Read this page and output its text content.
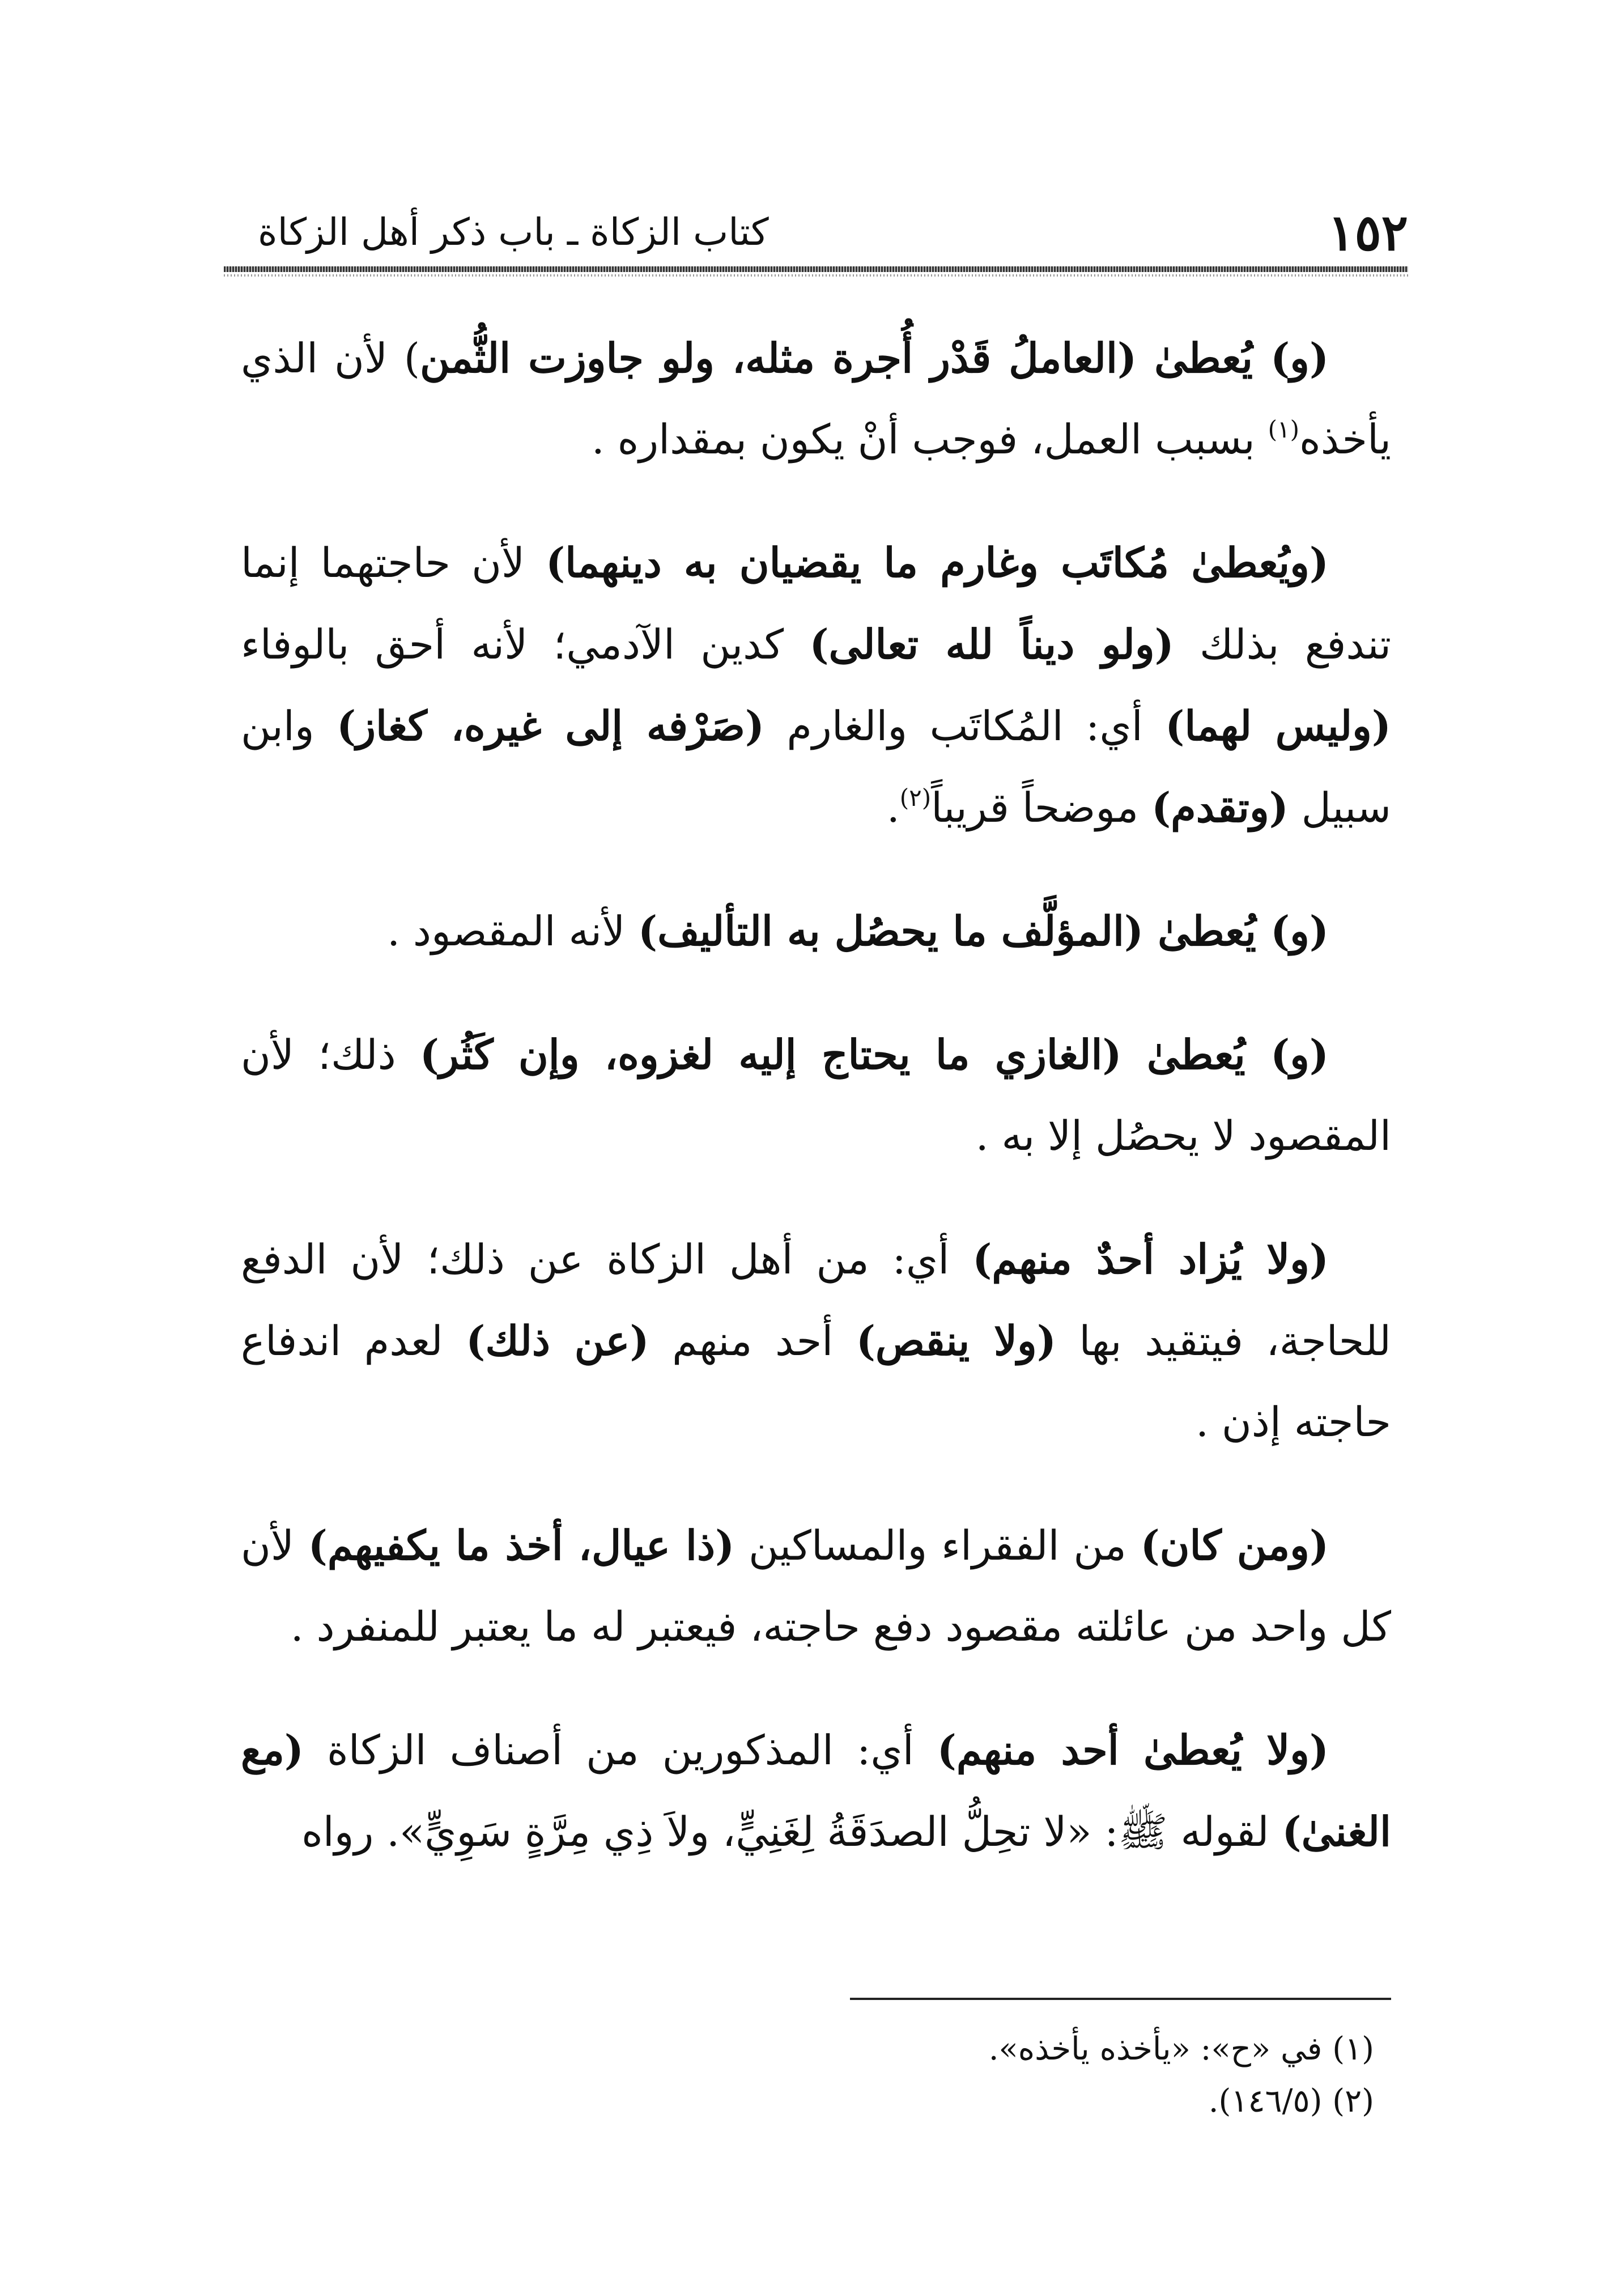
١٥٢
كتاب الزكاة ـ باب ذكر أهل الزكاة

(و) يُعطىٰ (العاملُ قَدْر أُجرة مثله، ولو جاوزت الثُّمن) لأن الذي يأخذه$^{(١)}$ بسبب العمل، فوجب أنْ يكون بمقداره .

(ويُعطىٰ مُكاتَب وغارم ما يقضيان به دينهما) لأن حاجتهما إنما تندفع بذلك (ولو ديناً لله تعالى) كدين الآدمي؛ لأنه أحق بالوفاء (وليس لهما) أي: المُكاتَب والغارم (صَرْفه إلى غيره، كغاز) وابن سبيل (وتقدم) موضحاً قريباً$^{(٢)}$.

(و) يُعطىٰ (المؤلَّف ما يحصُل به التأليف) لأنه المقصود .

(و) يُعطىٰ (الغازي ما يحتاج إليه لغزوه، وإن كَثُر) ذلك؛ لأن المقصود لا يحصُل إلا به .

(ولا يُزاد أحدٌ منهم) أي: من أهل الزكاة عن ذلك؛ لأن الدفع للحاجة، فيتقيد بها (ولا ينقص) أحد منهم (عن ذلك) لعدم اندفاع حاجته إذن .

(ومن كان) من الفقراء والمساكين (ذا عيال، أخذ ما يكفيهم) لأن كل واحد من عائلته مقصود دفع حاجته، فيعتبر له ما يعتبر للمنفرد .

(ولا يُعطىٰ أحد منهم) أي: المذكورين من أصناف الزكاة (مع الغنىٰ) لقوله ﷺ: «لا تحِلُّ الصدَقَةُ لِغَنِيٍّ، ولاَ ذِي مِرَّةٍ سَوِيٍّ». رواه

(١) في «ح»: «يأخذه يأخذه».

(٢) (١٤٦/٥).
